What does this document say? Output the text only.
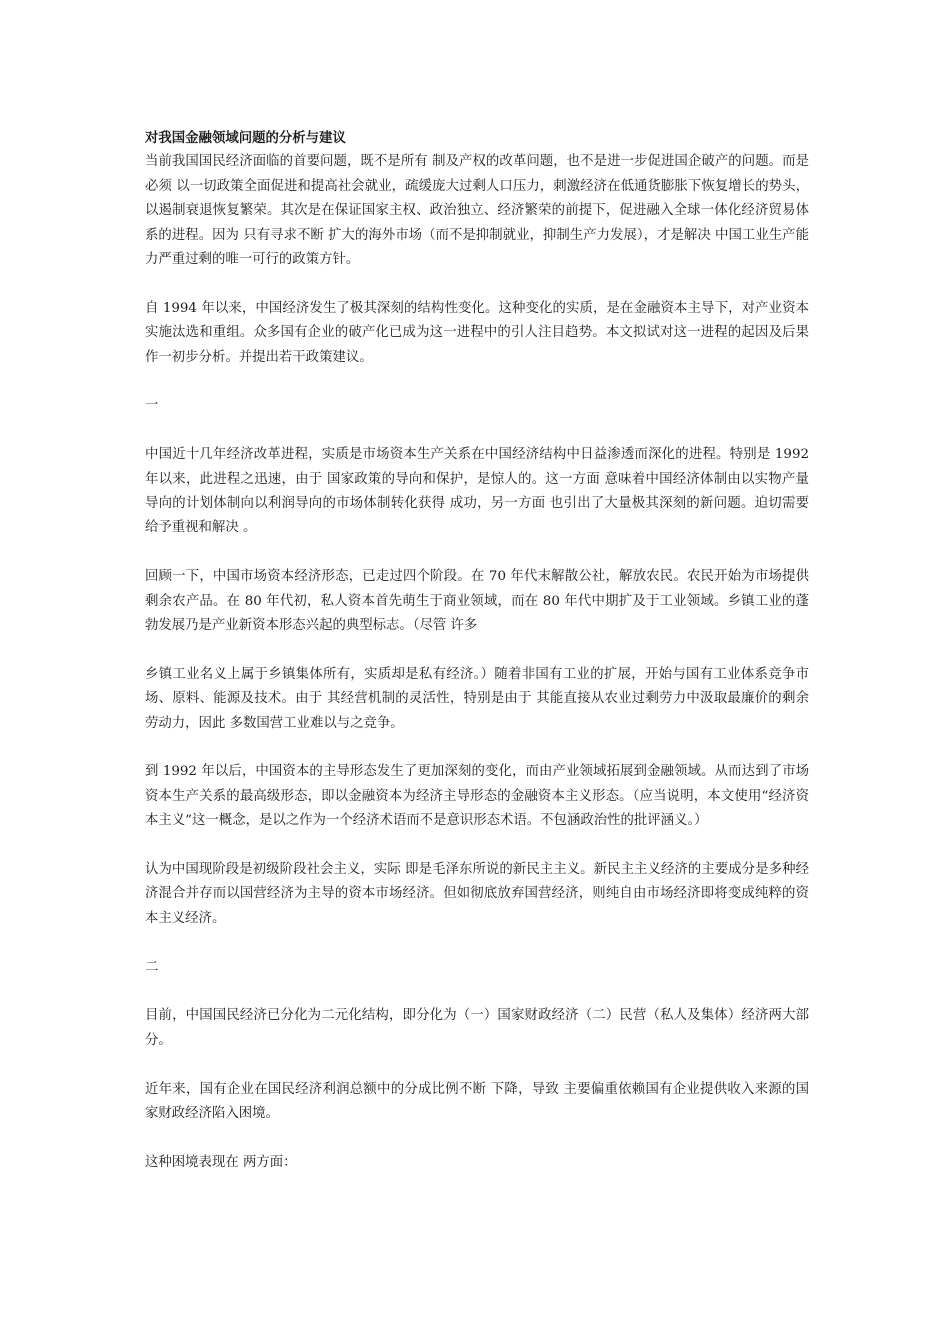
对我国金融领域问题的分析与建议

当前我国国民经济面临的首要问题，既不是所有 制及产权的改革问题，也不是进一步促进国企破产的问题。而是 必须 以一切政策全面促进和提高社会就业，疏缓庞大过剩人口压力，刺激经济在低通货膨胀下恢复增长的势头，以遏制衰退恢复繁荣。其次是在保证国家主权、政治独立、经济繁荣的前提下，促进融入全球一体化经济贸易体系的进程。因为 只有寻求不断 扩大的海外市场（而不是抑制就业，抑制生产力发展），才是解决 中国工业生产能力严重过剩的唯一可行的政策方针。

自 1994 年以来，中国经济发生了极其深刻的结构性变化。这种变化的实质，是在金融资本主导下，对产业资本实施汰选和重组。众多国有企业的破产化已成为这一进程中的引人注目趋势。本文拟试对这一进程的起因及后果作一初步分析。并提出若干政策建议。

一

中国近十几年经济改革进程，实质是市场资本生产关系在中国经济结构中日益渗透而深化的进程。特别是 1992 年以来，此进程之迅速，由于 国家政策的导向和保护，是惊人的。这一方面 意味着中国经济体制由以实物产量导向的计划体制向以利润导向的市场体制转化获得 成功，另一方面 也引出了大量极其深刻的新问题。迫切需要 给予重视和解决 。

回顾一下，中国市场资本经济形态，已走过四个阶段。在 70 年代末解散公社，解放农民。农民开始为市场提供剩余农产品。在 80 年代初，私人资本首先萌生于商业领域，而在 80 年代中期扩及于工业领域。乡镇工业的蓬勃发展乃是产业新资本形态兴起的典型标志。（尽管 许多

乡镇工业名义上属于乡镇集体所有，实质却是私有经济。）随着非国有工业的扩展，开始与国有工业体系竞争市场、原料、能源及技术。由于 其经营机制的灵活性，特别是由于 其能直接从农业过剩劳力中汲取最廉价的剩余劳动力，因此 多数国营工业难以与之竞争。

到 1992 年以后，中国资本的主导形态发生了更加深刻的变化，而由产业领域拓展到金融领域。从而达到了市场资本生产关系的最高级形态，即以金融资本为经济主导形态的金融资本主义形态。（应当说明，本文使用“经济资本主义”这一概念，是以之作为一个经济术语而不是意识形态术语。不包涵政治性的批评涵义。）

认为中国现阶段是初级阶段社会主义，实际 即是毛泽东所说的新民主主义。新民主主义经济的主要成分是多种经济混合并存而以国营经济为主导的资本市场经济。但如彻底放弃国营经济，则纯自由市场经济即将变成纯粹的资本主义经济。

二

目前，中国国民经济已分化为二元化结构，即分化为（一）国家财政经济（二）民营（私人及集体）经济两大部分。

近年来，国有企业在国民经济利润总额中的分成比例不断 下降，导致 主要偏重依赖国有企业提供收入来源的国家财政经济陷入困境。

这种困境表现在 两方面：
